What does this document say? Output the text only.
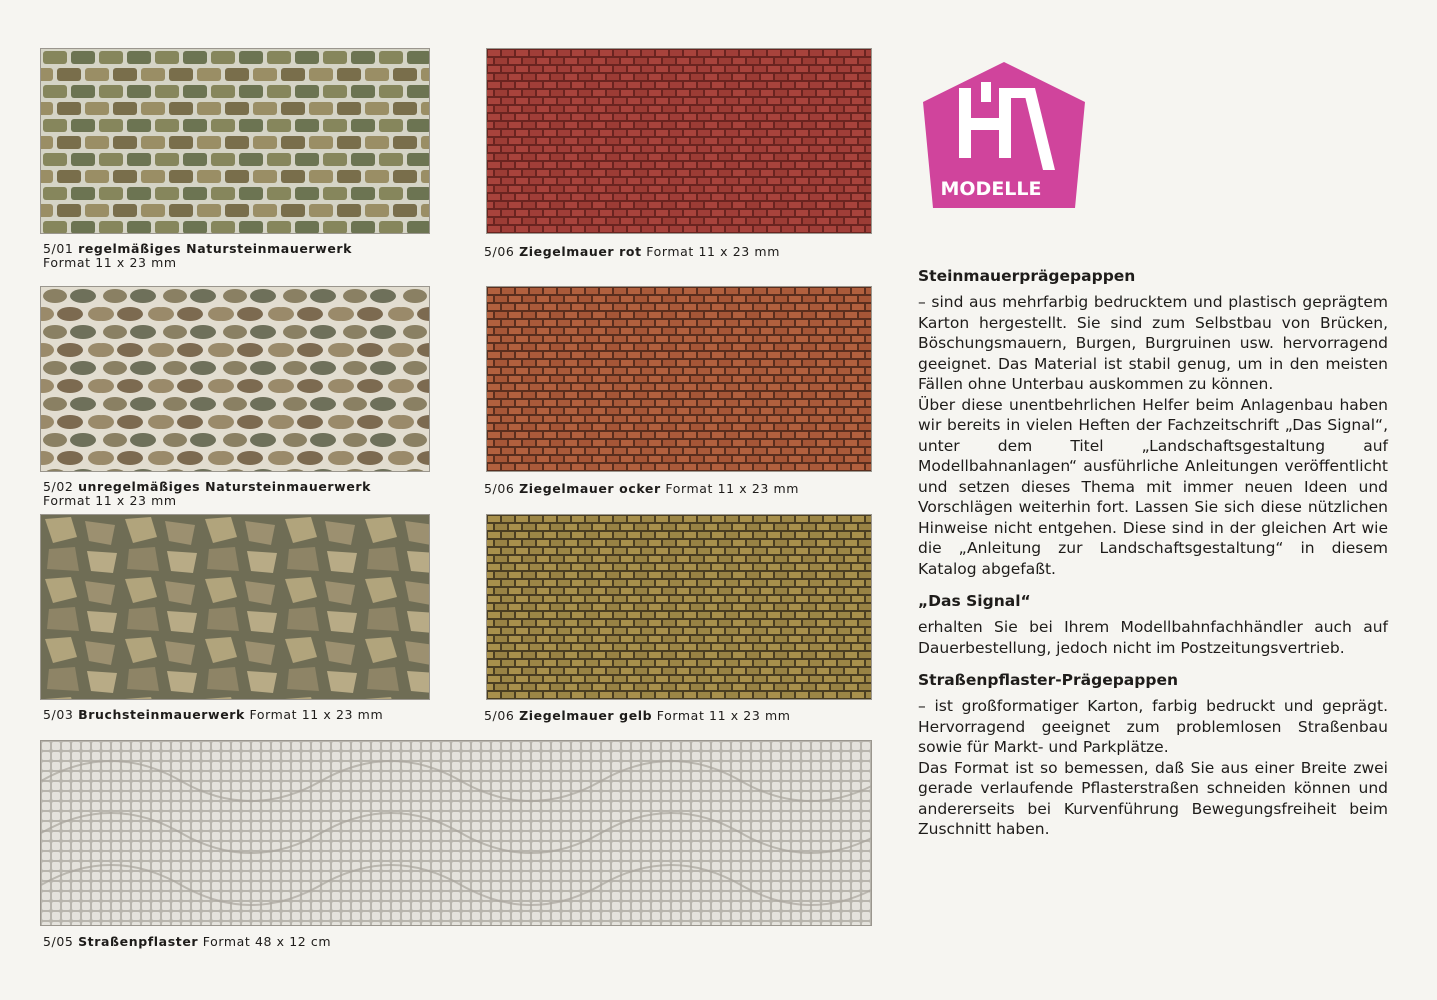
5/01 regelmäßiges Natursteinmauerwerk
Format 11 x 23 mm
5/02 unregelmäßiges Natursteinmauerwerk
Format 11 x 23 mm
5/03 Bruchsteinmauerwerk Format 11 x 23 mm
5/06 Ziegelmauer rot Format 11 x 23 mm
5/06 Ziegelmauer ocker Format 11 x 23 mm
5/06 Ziegelmauer gelb Format 11 x 23 mm
5/05 Straßenpflaster Format 48 x 12 cm
MODELLE
Steinmauerprägepappen

– sind aus mehrfarbig bedrucktem und plastisch geprägtem Karton hergestellt. Sie sind zum Selbstbau von Brücken, Böschungsmauern, Burgen, Burgruinen usw. hervorragend geeignet. Das Material ist stabil genug, um in den meisten Fällen ohne Unterbau auskommen zu können.

Über diese unentbehrlichen Helfer beim Anlagenbau haben wir bereits in vielen Heften der Fachzeitschrift „Das Signal“, unter dem Titel „Landschaftsgestaltung auf Modellbahnanlagen“ ausführliche Anleitungen veröffentlicht und setzen dieses Thema mit immer neuen Ideen und Vorschlägen weiterhin fort. Lassen Sie sich diese nützlichen Hinweise nicht entgehen. Diese sind in der gleichen Art wie die „Anleitung zur Landschaftsgestaltung“ in diesem Katalog abgefaßt.

„Das Signal“

erhalten Sie bei Ihrem Modellbahnfachhändler auch auf Dauerbestellung, jedoch nicht im Postzeitungsvertrieb.

Straßenpflaster-Prägepappen

– ist großformatiger Karton, farbig bedruckt und geprägt. Hervorragend geeignet zum problemlosen Straßenbau sowie für Markt- und Parkplätze.

Das Format ist so bemessen, daß Sie aus einer Breite zwei gerade verlaufende Pflasterstraßen schneiden können und andererseits bei Kurvenführung Bewegungsfreiheit beim Zuschnitt haben.
